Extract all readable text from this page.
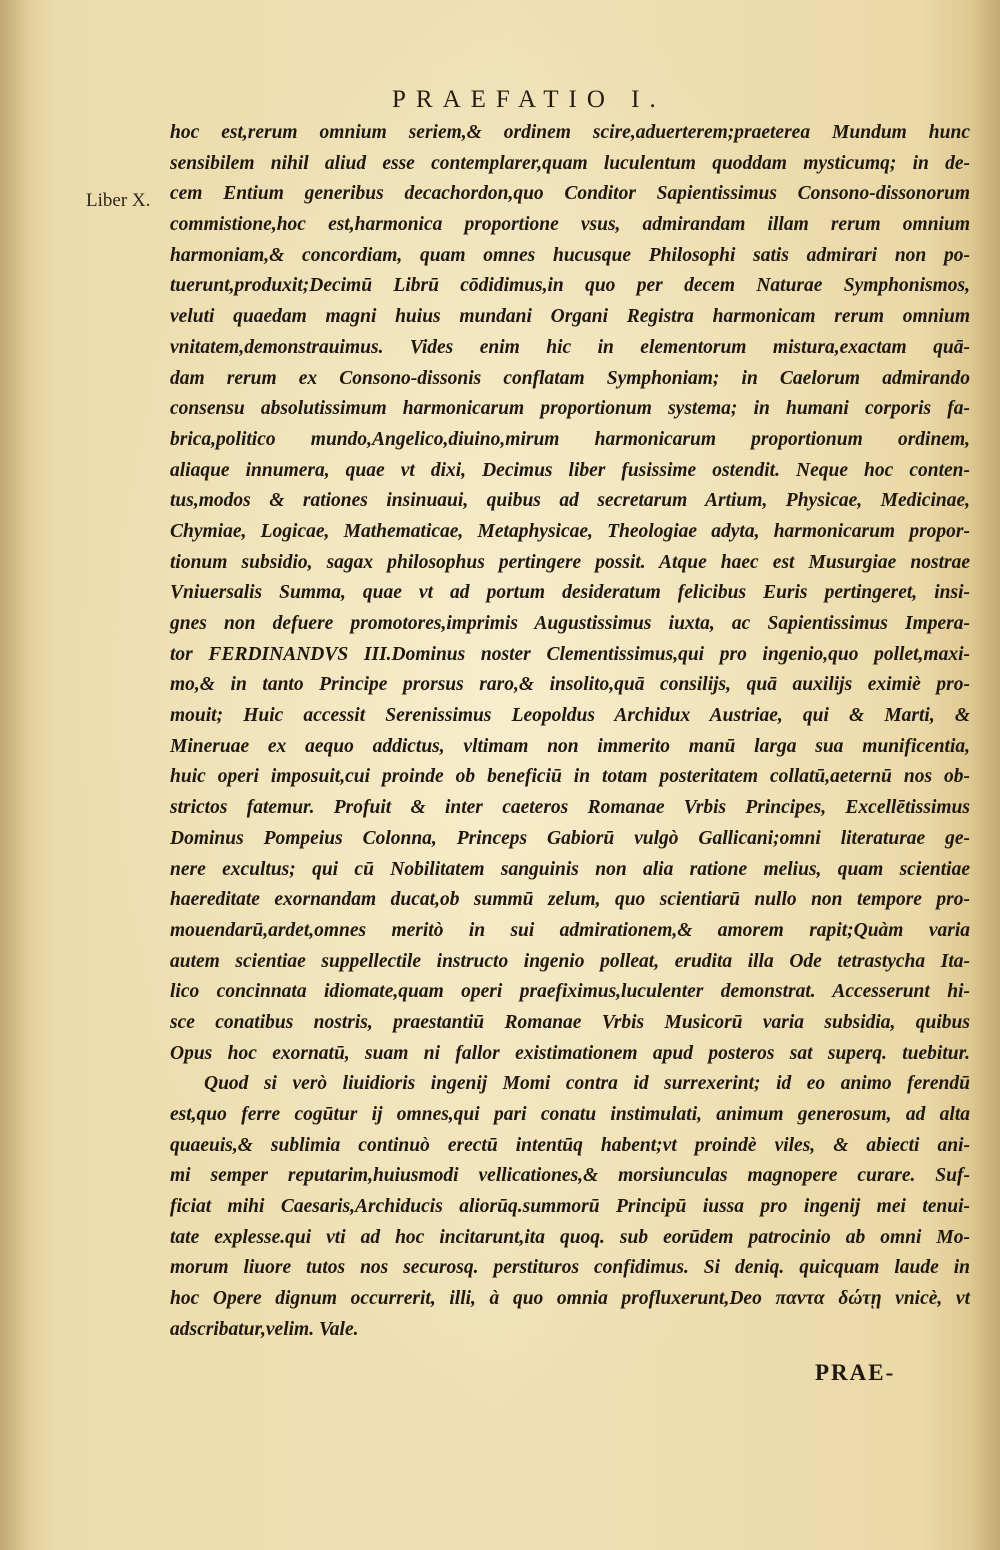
PRAEFATIO I.
Liber X.
hoc est,rerum omnium seriem,& ordinem scire,aduerterem;praeterea Mundum hunc
sensibilem nihil aliud esse contemplarer,quam luculentum quoddam mysticumq; in de-
cem Entium generibus decachordon,quo Conditor Sapientissimus Consono-dissonorum
commistione,hoc est,harmonica proportione vsus, admirandam illam rerum omnium
harmoniam,& concordiam, quam omnes hucusque Philosophi satis admirari non po-
tuerunt,produxit;Decimū Librū cōdidimus,in quo per decem Naturae Symphonismos,
veluti quaedam magni huius mundani Organi Registra harmonicam rerum omnium
vnitatem,demonstrauimus. Vides enim hic in elementorum mistura,exactam quā-
dam rerum ex Consono-dissonis conflatam Symphoniam; in Caelorum admirando
consensu absolutissimum harmonicarum proportionum systema; in humani corporis fa-
brica,politico mundo,Angelico,diuino,mirum harmonicarum proportionum ordinem,
aliaque innumera, quae vt dixi, Decimus liber fusissime ostendit. Neque hoc conten-
tus,modos & rationes insinuaui, quibus ad secretarum Artium, Physicae, Medicinae,
Chymiae, Logicae, Mathematicae, Metaphysicae, Theologiae adyta, harmonicarum propor-
tionum subsidio, sagax philosophus pertingere possit. Atque haec est Musurgiae nostrae
Vniuersalis Summa, quae vt ad portum desideratum felicibus Euris pertingeret, insi-
gnes non defuere promotores,imprimis Augustissimus iuxta, ac Sapientissimus Impera-
tor FERDINANDVS III.Dominus noster Clementissimus,qui pro ingenio,quo pollet,maxi-
mo,& in tanto Principe prorsus raro,& insolito,quā consilijs, quā auxilijs eximiè pro-
mouit; Huic accessit Serenissimus Leopoldus Archidux Austriae, qui & Marti, &
Mineruae ex aequo addictus, vltimam non immerito manū larga sua munificentia,
huic operi imposuit,cui proinde ob beneficiū in totam posteritatem collatū,aeternū nos ob-
strictos fatemur. Profuit & inter caeteros Romanae Vrbis Principes, Excellētissimus
Dominus Pompeius Colonna, Princeps Gabiorū vulgò Gallicani;omni literaturae ge-
nere excultus; qui cū Nobilitatem sanguinis non alia ratione melius, quam scientiae
haereditate exornandam ducat,ob summū zelum, quo scientiarū nullo non tempore pro-
mouendarū,ardet,omnes meritò in sui admirationem,& amorem rapit;Quàm varia
autem scientiae suppellectile instructo ingenio polleat, erudita illa Ode tetrastycha Ita-
lico concinnata idiomate,quam operi praefiximus,luculenter demonstrat. Accesserunt hi-
sce conatibus nostris, praestantiū Romanae Vrbis Musicorū varia subsidia, quibus
Opus hoc exornatū, suam ni fallor existimationem apud posteros sat superq. tuebitur.
Quod si verò liuidioris ingenij Momi contra id surrexerint; id eo animo ferendū
est,quo ferre cogūtur ij omnes,qui pari conatu instimulati, animum generosum, ad alta
quaeuis,& sublimia continuò erectū intentūq habent;vt proindè viles, & abiecti ani-
mi semper reputarim,huiusmodi vellicationes,& morsiunculas magnopere curare. Suf-
ficiat mihi Caesaris,Archiducis aliorūq.summorū Principū iussa pro ingenij mei tenui-
tate explesse.qui vti ad hoc incitarunt,ita quoq. sub eorūdem patrocinio ab omni Mo-
morum liuore tutos nos securosq. perstituros confidimus. Si deniq. quicquam laude in
hoc Opere dignum occurrerit, illi, à quo omnia profluxerunt,Deo παντα δώτῃ vnicè, vt
adscribatur,velim. Vale.
PRAE-
